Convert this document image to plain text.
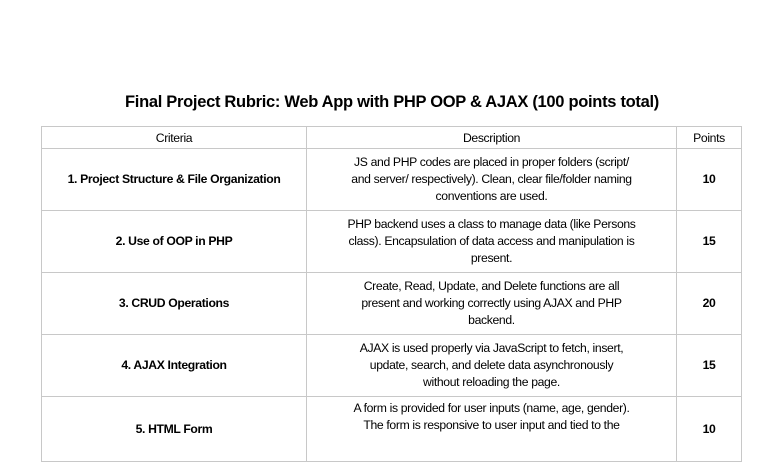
Final Project Rubric: Web App with PHP OOP & AJAX (100 points total)
Criteria	Description	Points
1. Project Structure & File Organization	JS and PHP codes are placed in proper folders (script/
and server/ respectively). Clean, clear file/folder naming
conventions are used.	10
2. Use of OOP in PHP	PHP backend uses a class to manage data (like Persons
class). Encapsulation of data access and manipulation is
present.	15
3. CRUD Operations	Create, Read, Update, and Delete functions are all
present and working correctly using AJAX and PHP
backend.	20
4. AJAX Integration	AJAX is used properly via JavaScript to fetch, insert,
update, search, and delete data asynchronously
without reloading the page.	15
5. HTML Form	A form is provided for user inputs (name, age, gender).
The form is responsive to user input and tied to the	10
